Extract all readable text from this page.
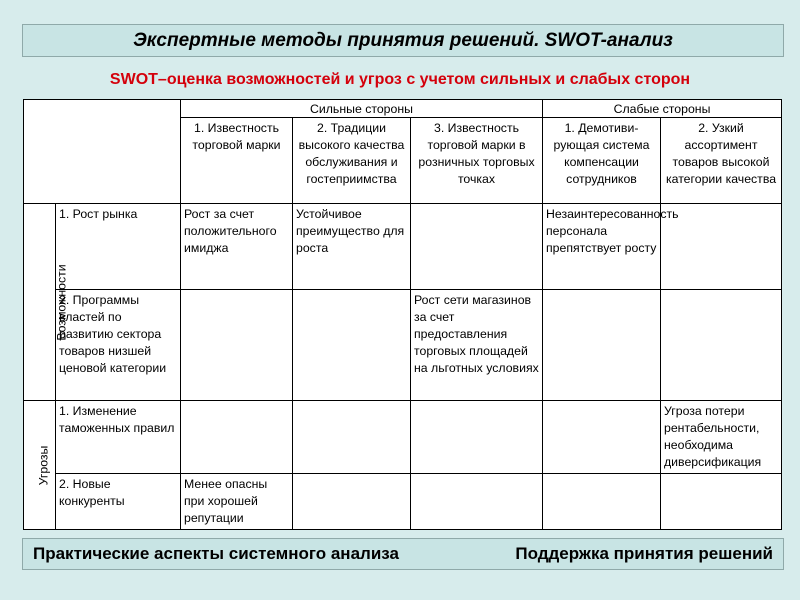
Экспертные методы принятия решений. SWOT-анализ
SWOT–оценка возможностей и угроз с учетом сильных и слабых сторон
		Сильные стороны			Слабые стороны	
		1. Известность торговой марки	2. Традиции высокого качества обслуживания и гостеприимства	3. Известность торговой марки в розничных торговых точках	1. Демотиви-рующая система компенсации сотрудников	2. Узкий ассортимент товаров высокой категории качества
Возможности	1. Рост рынка	Рост за счет положительного имиджа	Устойчивое преимущество для роста		Незаинтересованность персонала препятствует росту	
	2. Программы властей по развитию сектора товаров низшей ценовой категории			Рост сети магазинов за счет предоставления торговых площадей на льготных условиях		
Угрозы	1. Изменение таможенных правил					Угроза потери рентабельности, необходима диверсификация
	2. Новые конкуренты	Менее опасны при хорошей репутации				
Практические аспекты системного анализа	Поддержка принятия решений
